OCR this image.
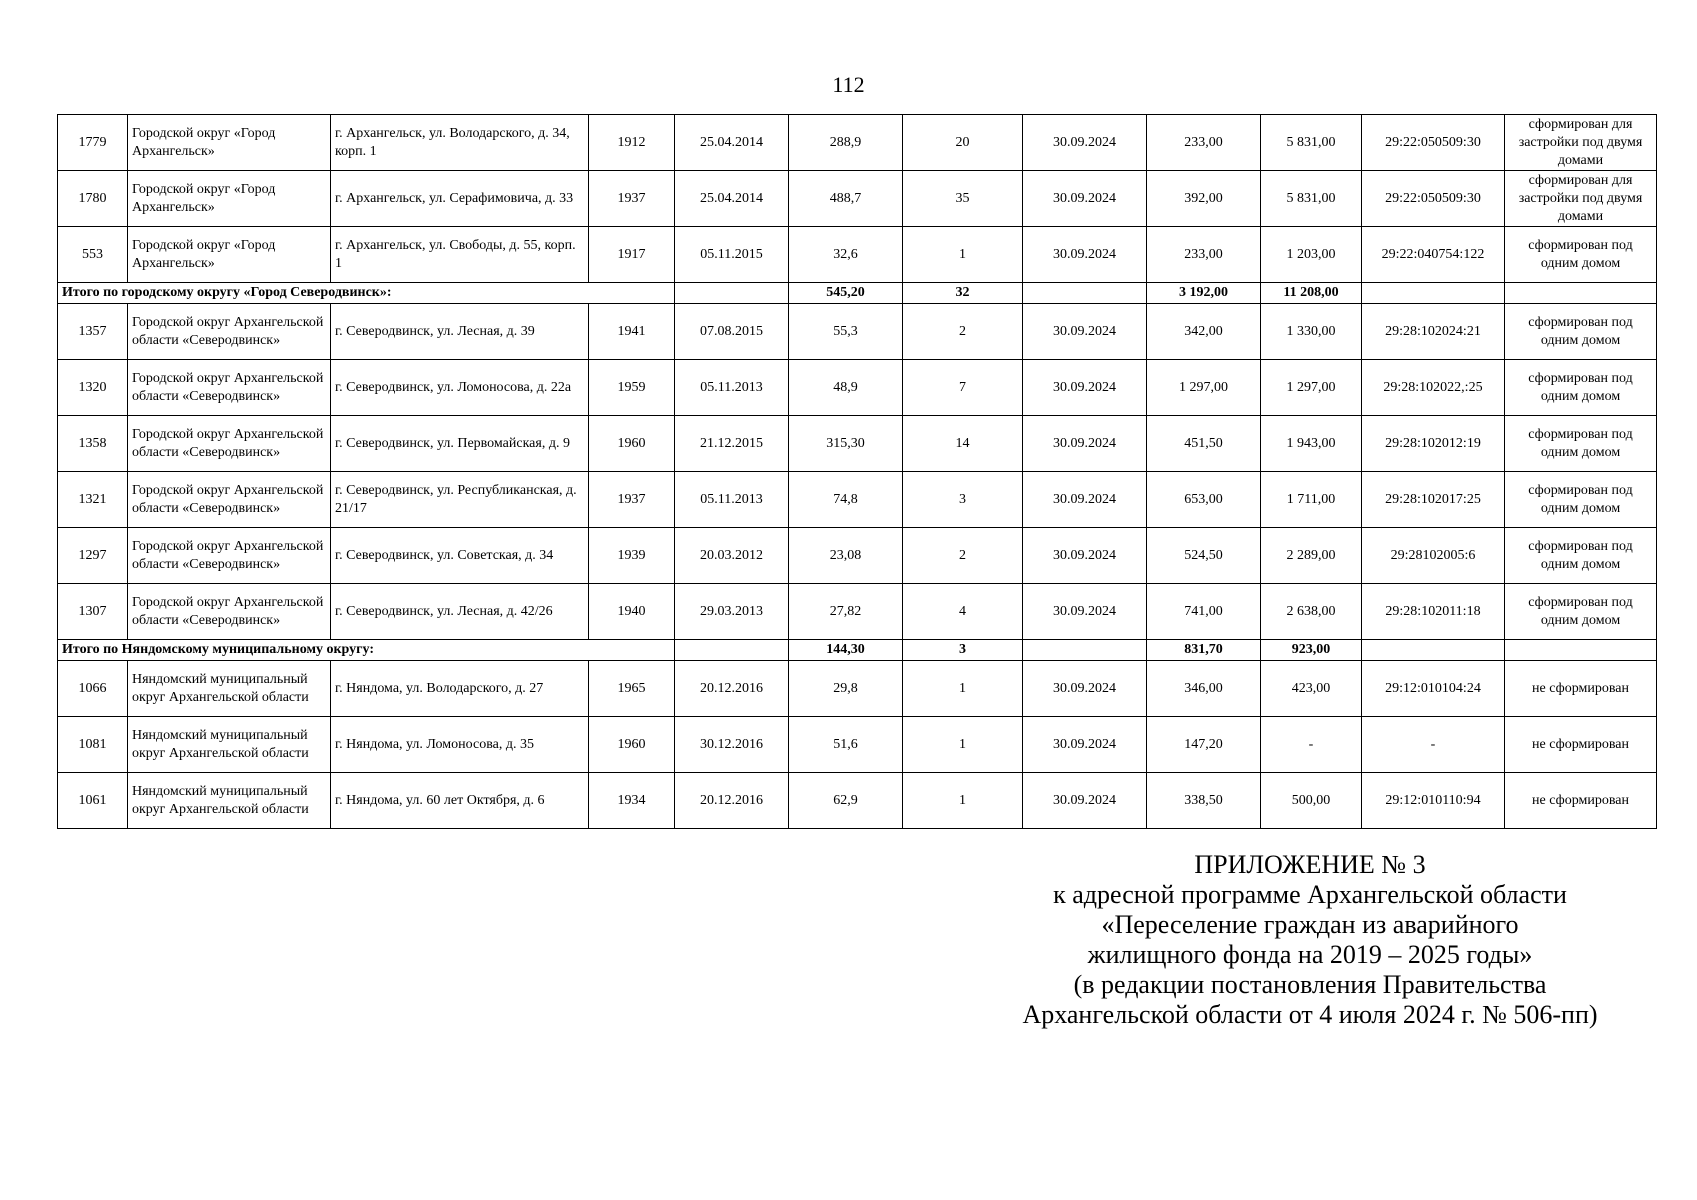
112
1779	Городской округ «Город Архангельск»	г. Архангельск, ул. Володарского, д. 34, корп. 1	1912	25.04.2014	288,9	20	30.09.2024	233,00	5 831,00	29:22:050509:30	сформирован для застройки под двумя домами
1780	Городской округ «Город Архангельск»	г. Архангельск, ул. Серафимовича, д. 33	1937	25.04.2014	488,7	35	30.09.2024	392,00	5 831,00	29:22:050509:30	сформирован для застройки под двумя домами
553	Городской округ «Город Архангельск»	г. Архангельск, ул. Свободы, д. 55, корп. 1	1917	05.11.2015	32,6	1	30.09.2024	233,00	1 203,00	29:22:040754:122	сформирован под одним домом
Итого по городскому округу «Город Северодвинск»:					545,20	32		3 192,00	11 208,00		
1357	Городской округ Архангельской области «Северодвинск»	г. Северодвинск, ул. Лесная, д. 39	1941	07.08.2015	55,3	2	30.09.2024	342,00	1 330,00	29:28:102024:21	сформирован под одним домом
1320	Городской округ Архангельской области «Северодвинск»	г. Северодвинск, ул. Ломоносова, д. 22а	1959	05.11.2013	48,9	7	30.09.2024	1 297,00	1 297,00	29:28:102022,:25	сформирован под одним домом
1358	Городской округ Архангельской области «Северодвинск»	г. Северодвинск, ул. Первомайская, д. 9	1960	21.12.2015	315,30	14	30.09.2024	451,50	1 943,00	29:28:102012:19	сформирован под одним домом
1321	Городской округ Архангельской области «Северодвинск»	г. Северодвинск, ул. Республиканская, д. 21/17	1937	05.11.2013	74,8	3	30.09.2024	653,00	1 711,00	29:28:102017:25	сформирован под одним домом
1297	Городской округ Архангельской области «Северодвинск»	г. Северодвинск, ул. Советская, д. 34	1939	20.03.2012	23,08	2	30.09.2024	524,50	2 289,00	29:28102005:6	сформирован под одним домом
1307	Городской округ Архангельской области «Северодвинск»	г. Северодвинск, ул. Лесная, д. 42/26	1940	29.03.2013	27,82	4	30.09.2024	741,00	2 638,00	29:28:102011:18	сформирован под одним домом
Итого по Няндомскому муниципальному округу:					144,30	3		831,70	923,00		
1066	Няндомский муниципальный округ Архангельской области	г. Няндома, ул. Володарского, д. 27	1965	20.12.2016	29,8	1	30.09.2024	346,00	423,00	29:12:010104:24	не сформирован
1081	Няндомский муниципальный округ Архангельской области	г. Няндома, ул. Ломоносова, д. 35	1960	30.12.2016	51,6	1	30.09.2024	147,20	-	-	не сформирован
1061	Няндомский муниципальный округ Архангельской области	г. Няндома, ул. 60 лет Октября, д. 6	1934	20.12.2016	62,9	1	30.09.2024	338,50	500,00	29:12:010110:94	не сформирован
ПРИЛОЖЕНИЕ № 3
к адресной программе Архангельской области
«Переселение граждан из аварийного
жилищного фонда на 2019 – 2025 годы»
(в редакции постановления Правительства
Архангельской области от 4 июля 2024 г. № 506-пп)
